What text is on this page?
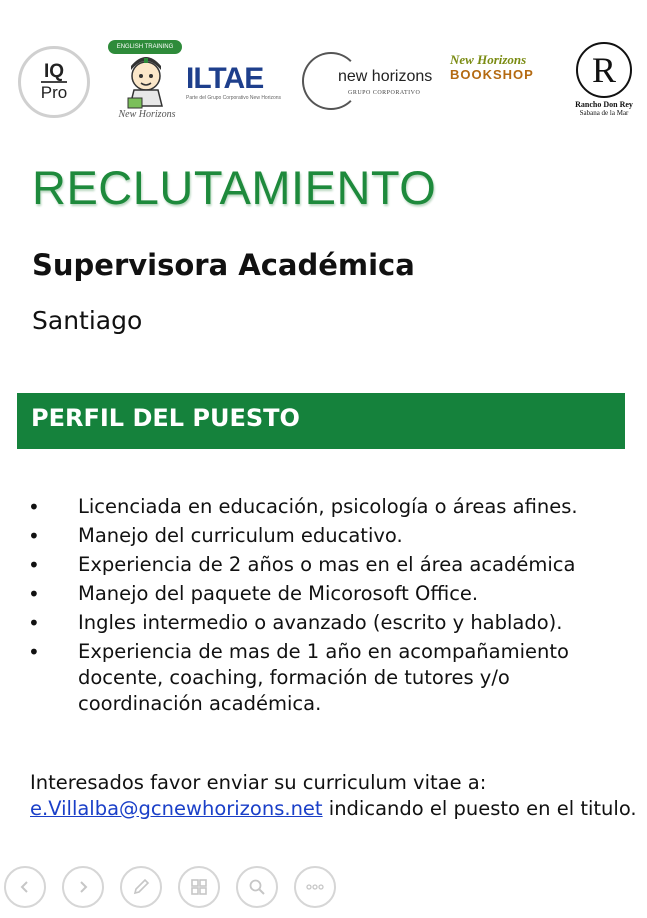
IQ
Pro
ENGLISH TRAINING
New Horizons
ILTAE
Parte del Grupo Corporativo New Horizons
new horizons
GRUPO CORPORATIVO
New Horizons
BOOKSHOP	R
Rancho Don Rey
Sabana de la Mar
RECLUTAMIENTO
Supervisora Académica
Santiago
PERFIL DEL PUESTO
• Licenciada en educación, psicología o áreas afines.
• Manejo del curriculum educativo.
• Experiencia de 2 años o mas en el área académica
• Manejo del paquete de Micorosoft Office.
• Ingles intermedio o avanzado (escrito y hablado).
• Experiencia de mas de 1 año en acompañamiento docente, coaching, formación de tutores y/o coordinación académica.
Interesados favor enviar su curriculum vitae a:
e.Villalba@gcnewhorizons.net indicando el puesto en el titulo.
